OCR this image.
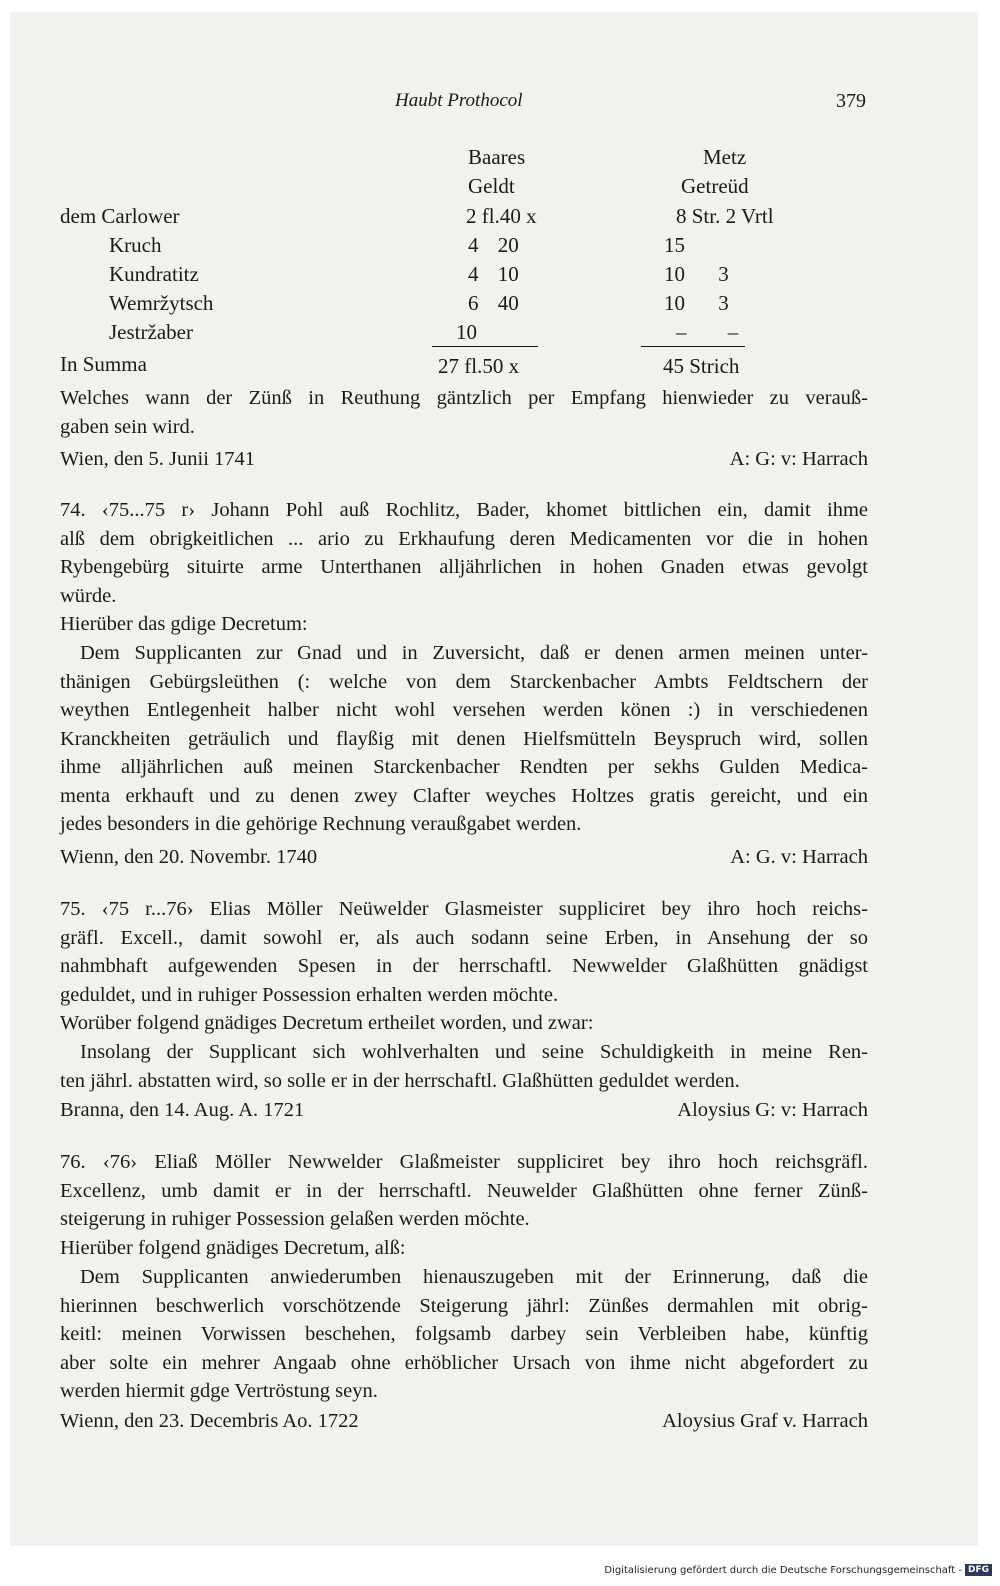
Haubt Prothocol	379
Baares
Geldt
Metz
Getreüd
dem Carlower	2 fl.40 x	8 Str. 2 Vrtl
Kruch	4 20	15
Kundratitz	4 10	10 3
Wemržytsch	6 40	10 3
Jestržaber	10	– –
In Summa	27 fl.50 x	45 Strich
Welches wann der Zünß in Reuthung gäntzlich per Empfang hienwieder zu verauß-
gaben sein wird.
Wien, den 5. Junii 1741	A: G: v: Harrach
74. ‹75...75 r› Johann Pohl auß Rochlitz, Bader, khomet bittlichen ein, damit ihme
alß dem obrigkeitlichen ... ario zu Erkhaufung deren Medicamenten vor die in hohen
Rybengebürg situirte arme Unterthanen alljährlichen in hohen Gnaden etwas gevolgt
würde.
Hierüber das gdige Decretum:
Dem Supplicanten zur Gnad und in Zuversicht, daß er denen armen meinen unter-
thänigen Gebürgsleüthen (: welche von dem Starckenbacher Ambts Feldtschern der
weythen Entlegenheit halber nicht wohl versehen werden könen :) in verschiedenen
Kranckheiten geträulich und flayßig mit denen Hielfsmütteln Beyspruch wird, sollen
ihme alljährlichen auß meinen Starckenbacher Rendten per sekhs Gulden Medica-
menta erkhauft und zu denen zwey Clafter weyches Holtzes gratis gereicht, und ein
jedes besonders in die gehörige Rechnung veraußgabet werden.
Wienn, den 20. Novembr. 1740	A: G. v: Harrach
75. ‹75 r...76› Elias Möller Neüwelder Glasmeister suppliciret bey ihro hoch reichs-
gräfl. Excell., damit sowohl er, als auch sodann seine Erben, in Ansehung der so
nahmbhaft aufgewenden Spesen in der herrschaftl. Newwelder Glaßhütten gnädigst
geduldet, und in ruhiger Possession erhalten werden möchte.
Worüber folgend gnädiges Decretum ertheilet worden, und zwar:
Insolang der Supplicant sich wohlverhalten und seine Schuldigkeith in meine Ren-
ten jährl. abstatten wird, so solle er in der herrschaftl. Glaßhütten geduldet werden.
Branna, den 14. Aug. A. 1721	Aloysius G: v: Harrach
76. ‹76› Eliaß Möller Newwelder Glaßmeister suppliciret bey ihro hoch reichsgräfl.
Excellenz, umb damit er in der herrschaftl. Neuwelder Glaßhütten ohne ferner Zünß-
steigerung in ruhiger Possession gelaßen werden möchte.
Hierüber folgend gnädiges Decretum, alß:
Dem Supplicanten anwiederumben hienauszugeben mit der Erinnerung, daß die
hierinnen beschwerlich vorschötzende Steigerung jährl: Zünßes dermahlen mit obrig-
keitl: meinen Vorwissen beschehen, folgsamb darbey sein Verbleiben habe, künftig
aber solte ein mehrer Angaab ohne erhöblicher Ursach von ihme nicht abgefordert zu
werden hiermit gdge Vertröstung seyn.
Wienn, den 23. Decembris Ao. 1722	Aloysius Graf v. Harrach
Digitalisierung gefördert durch die Deutsche Forschungsgemeinschaft - DFG
